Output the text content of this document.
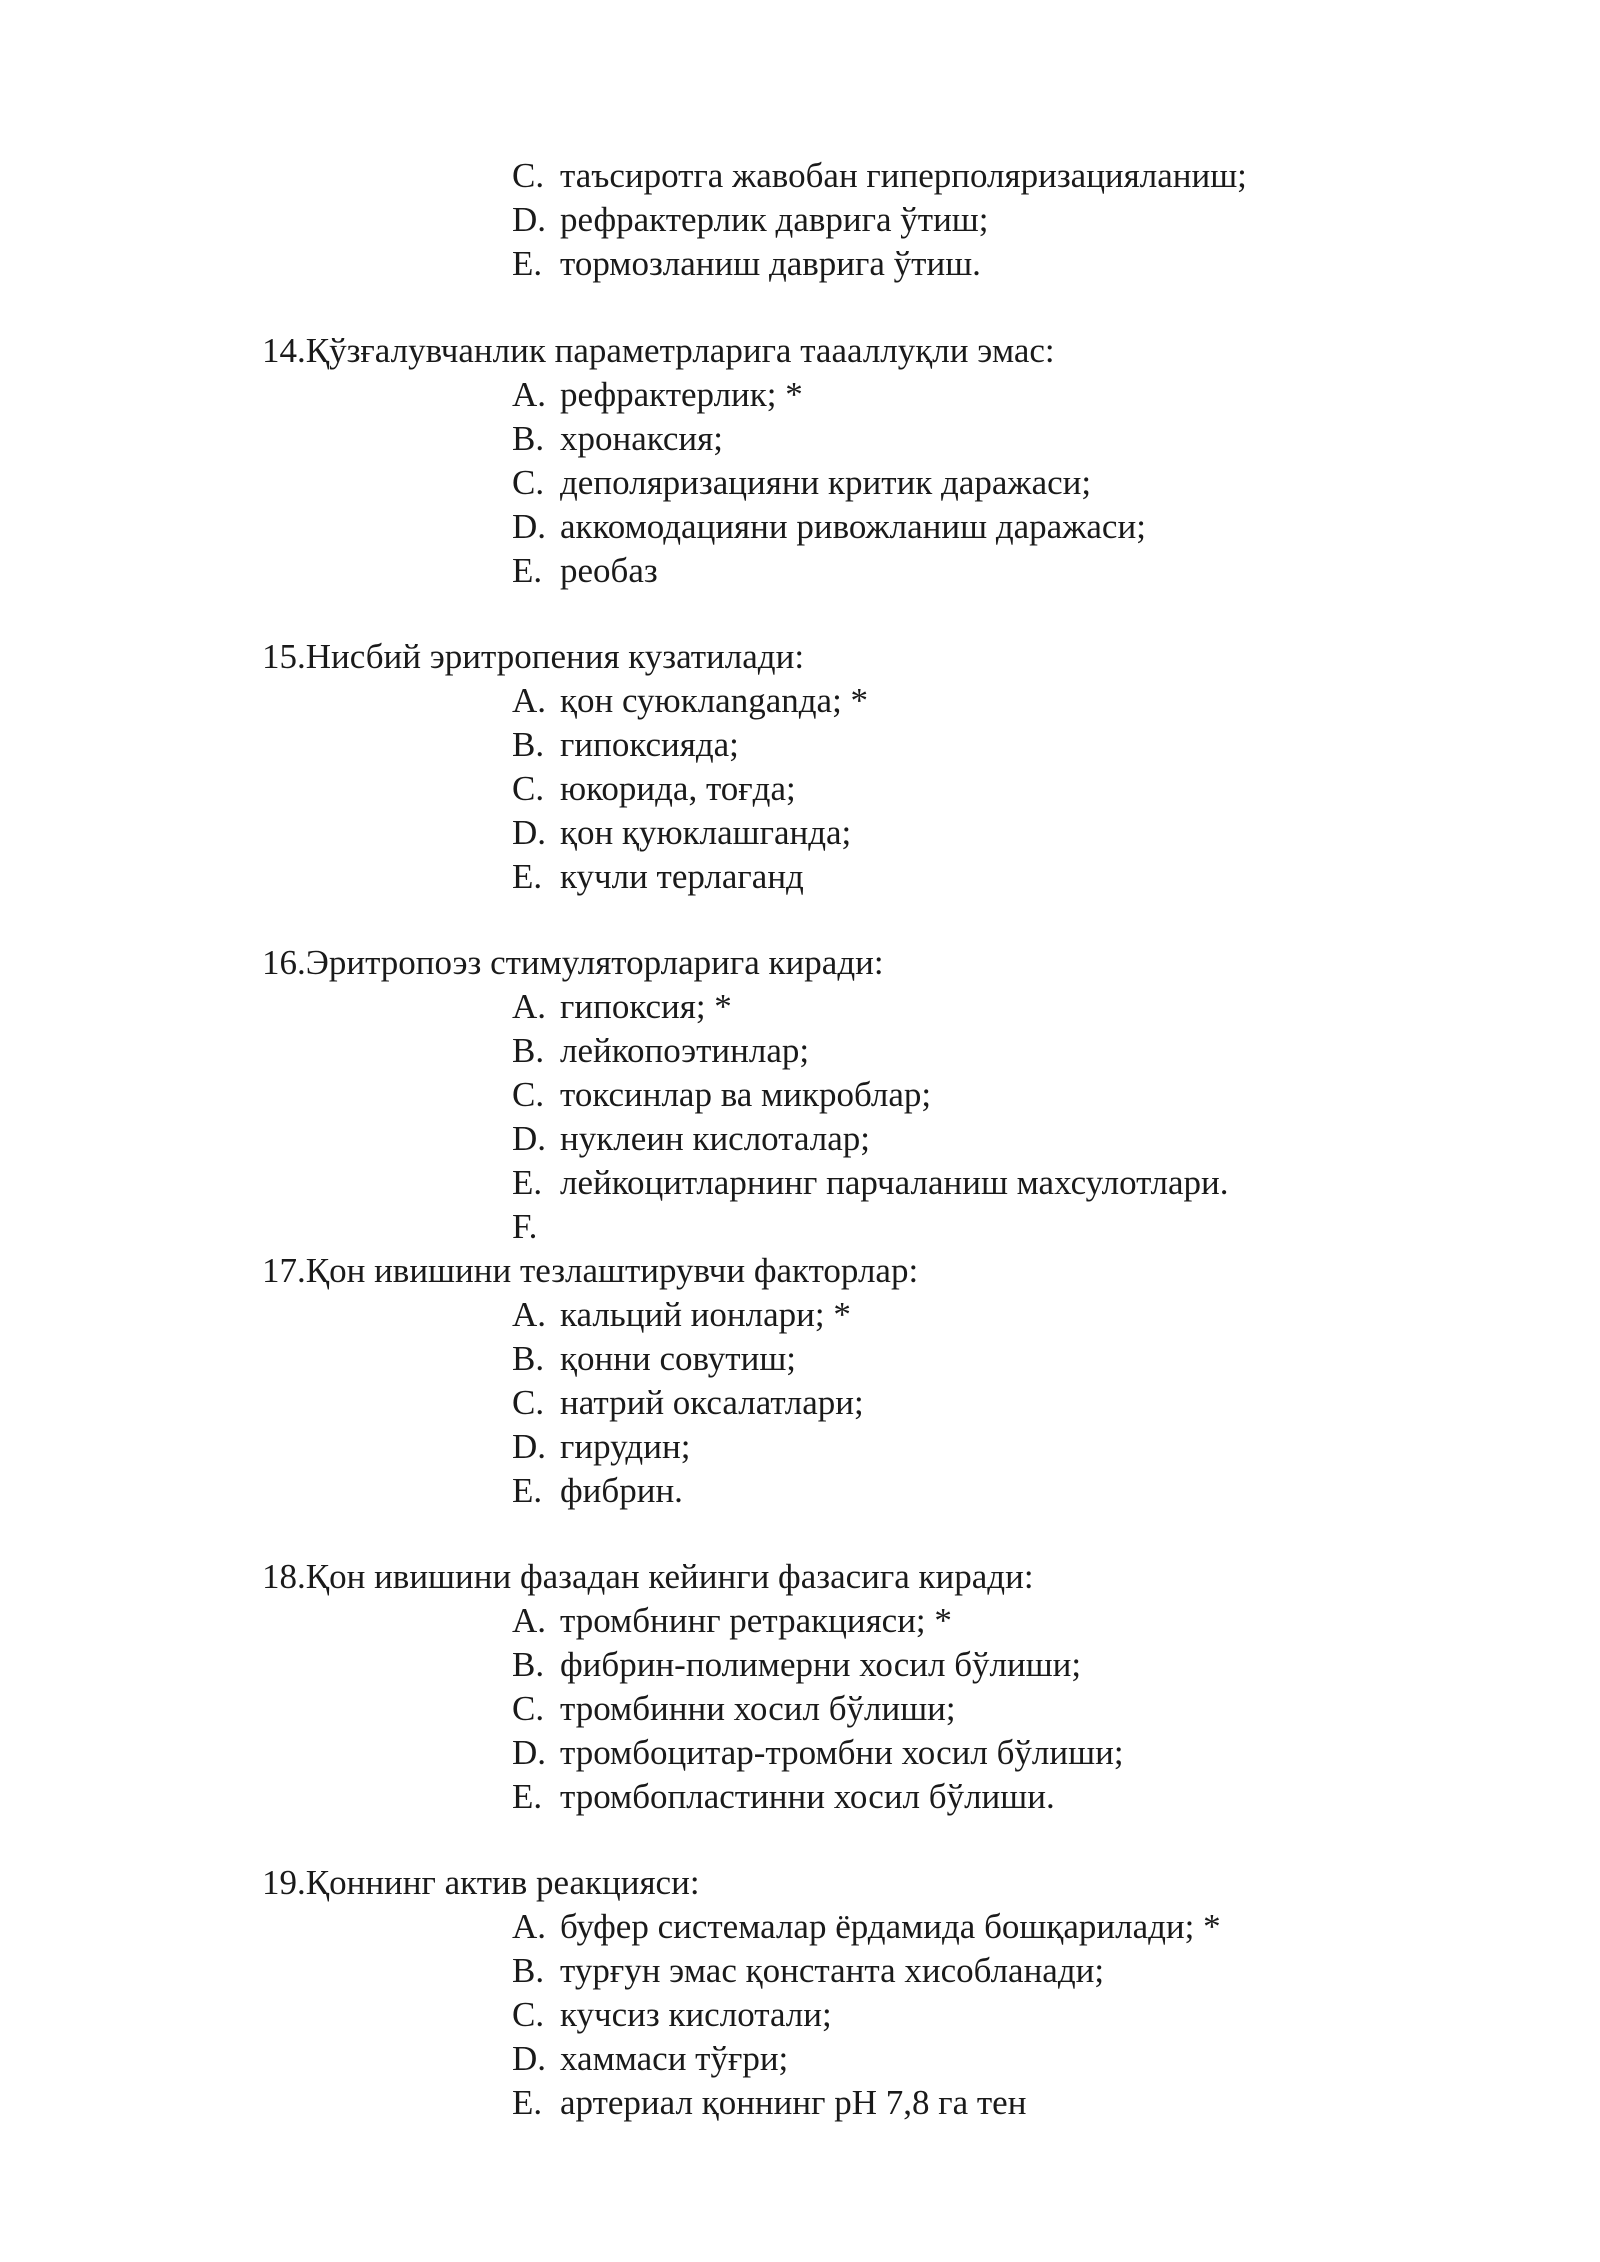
C. таъсиротга жавобан гиперполяризацияланиш;
D. рефрактерлик даврига ўтиш;
E. тормозланиш даврига ўтиш.
14.Қўзғалувчанлик параметрларига таааллуқли эмас:
A. рефрактерлик; *
B. хронаксия;
C. деполяризацияни критик даражаси;
D. аккомодацияни ривожланиш даражаси;
E. реобаз
15.Нисбий эритропения кузатилади:
A. қон суюклanganда; *
B. гипоксияда;
C. юкорида, тоғда;
D. қон қуюклашганда;
E. кучли терлаганд
16.Эритропоэз стимуляторларига киради:
A. гипоксия; *
B. лейкопоэтинлар;
C. токсинлар ва микроблар;
D. нуклеин кислоталар;
E. лейкоцитларнинг парчаланиш махсулотлари.
F.
17.Қон ивишини тезлаштирувчи факторлар:
A. кальций ионлари; *
B. қонни совутиш;
C. натрий оксалатлари;
D. гирудин;
E. фибрин.
18.Қон ивишини фазадан кейинги фазасига киради:
A. тромбнинг ретракцияси; *
B. фибрин-полимерни хосил бўлиши;
C. тромбинни хосил бўлиши;
D. тромбоцитар-тромбни хосил бўлиши;
E. тромбопластинни хосил бўлиши.
19.Қоннинг актив реакцияси:
A. буфер системалар ёрдамида бошқарилади; *
B. турғун эмас қонстанта хисобланади;
C. кучсиз кислотали;
D. хаммаси тўғри;
E. артериал қоннинг pH 7,8 га тен
